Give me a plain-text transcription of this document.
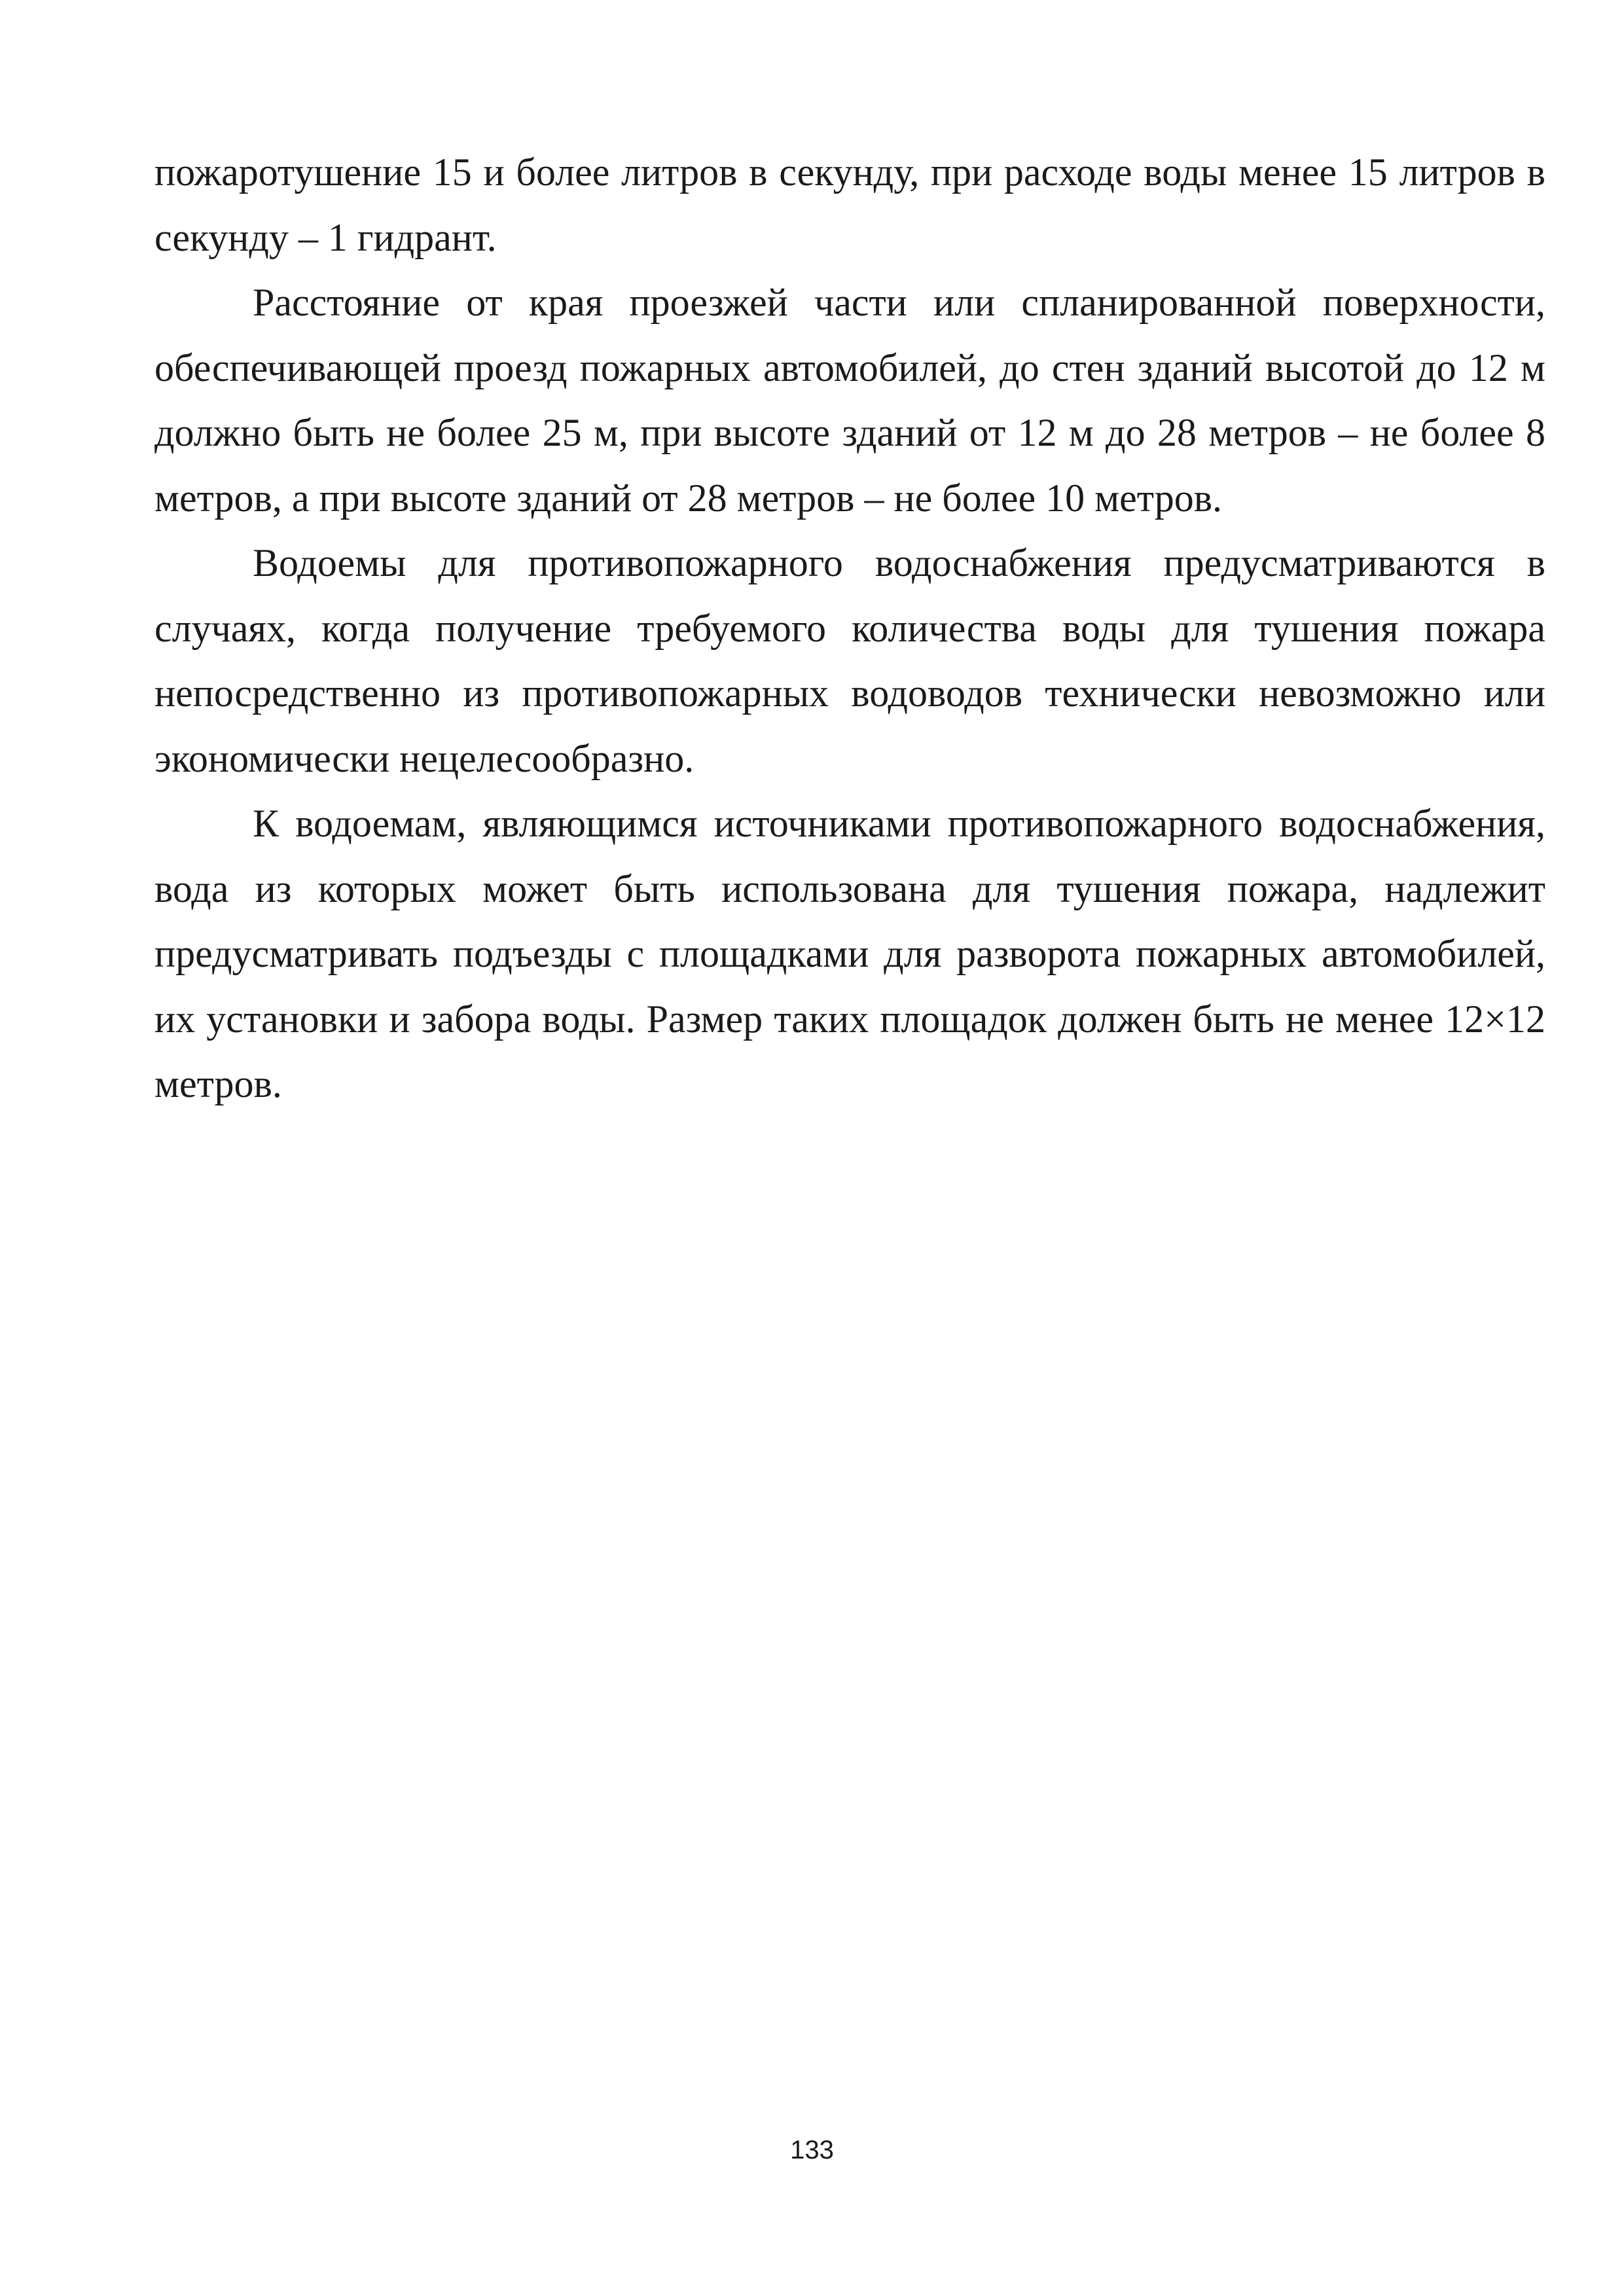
пожаротушение 15 и более литров в секунду, при расходе воды менее 15 литров в секунду – 1 гидрант.

Расстояние от края проезжей части или спланированной поверхности, обеспечивающей проезд пожарных автомобилей, до стен зданий высотой до 12 м должно быть не более 25 м, при высоте зданий от 12 м до 28 метров – не более 8 метров, а при высоте зданий от 28 метров – не более 10 метров.

Водоемы для противопожарного водоснабжения предусматриваются в случаях, когда получение требуемого количества воды для тушения пожара непосредственно из противопожарных водоводов технически невозможно или экономически нецелесообразно.

К водоемам, являющимся источниками противопожарного водоснабжения, вода из которых может быть использована для тушения пожара, надлежит предусматривать подъезды с площадками для разворота пожарных автомобилей, их установки и забора воды. Размер таких площадок должен быть не менее 12×12 метров.

133
